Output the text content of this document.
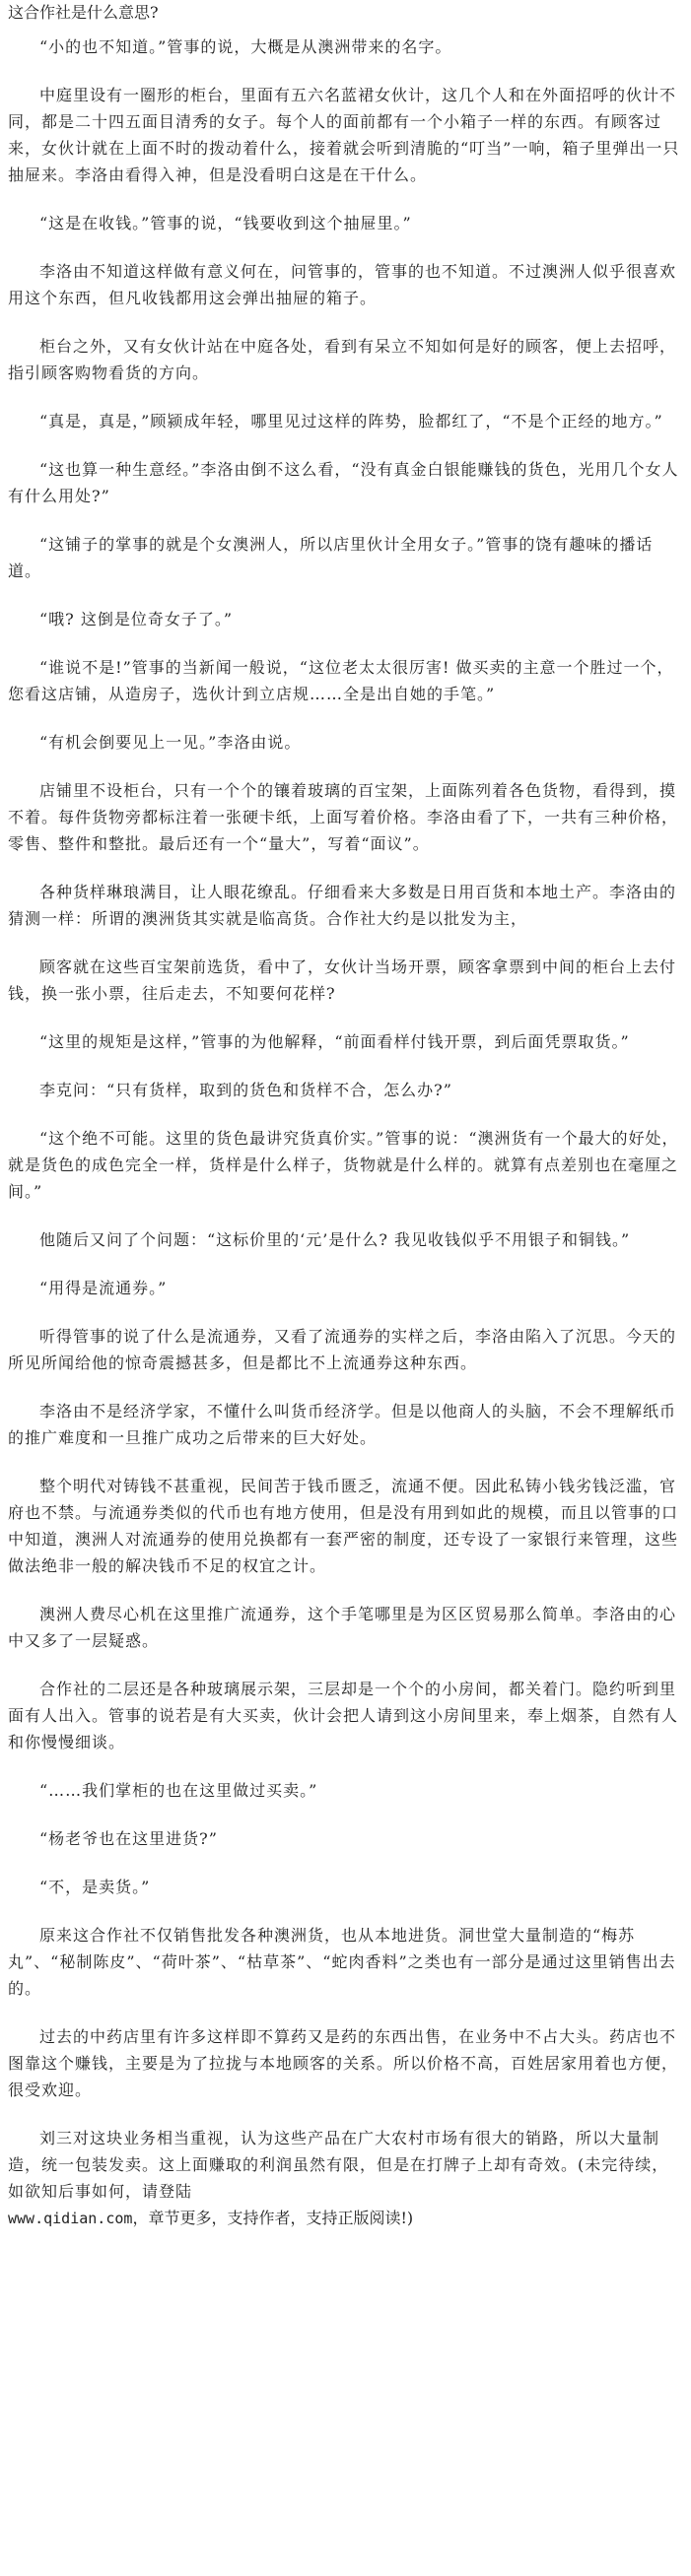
这合作社是什么意思?

“小的也不知道。”管事的说，大概是从澳洲带来的名字。

中庭里设有一圈形的柜台，里面有五六名蓝裙女伙计，这几个人和在外面招呼的伙计不同，都是二十四五面目清秀的女子。每个人的面前都有一个小箱子一样的东西。有顾客过来，女伙计就在上面不时的拨动着什么，接着就会听到清脆的“叮当”一响，箱子里弹出一只抽屉来。李洛由看得入神，但是没看明白这是在干什么。

“这是在收钱。”管事的说，“钱要收到这个抽屉里。”

李洛由不知道这样做有意义何在，问管事的，管事的也不知道。不过澳洲人似乎很喜欢用这个东西，但凡收钱都用这会弹出抽屉的箱子。

柜台之外，又有女伙计站在中庭各处，看到有呆立不知如何是好的顾客，便上去招呼，指引顾客购物看货的方向。

“真是，真是，”顾颍成年轻，哪里见过这样的阵势，脸都红了，“不是个正经的地方。”

“这也算一种生意经。”李洛由倒不这么看，“没有真金白银能赚钱的货色，光用几个女人有什么用处?”

“这铺子的掌事的就是个女澳洲人，所以店里伙计全用女子。”管事的饶有趣味的播话道。

“哦? 这倒是位奇女子了。”

“谁说不是!”管事的当新闻一般说，“这位老太太很厉害! 做买卖的主意一个胜过一个，您看这店铺，从造房子，选伙计到立店规……全是出自她的手笔。”

“有机会倒要见上一见。”李洛由说。

店铺里不设柜台，只有一个个的镶着玻璃的百宝架，上面陈列着各色货物，看得到，摸不着。每件货物旁都标注着一张硬卡纸，上面写着价格。李洛由看了下，一共有三种价格，零售、整件和整批。最后还有一个“量大”，写着“面议”。

各种货样琳琅满目，让人眼花缭乱。仔细看来大多数是日用百货和本地土产。李洛由的猜测一样：所谓的澳洲货其实就是临高货。合作社大约是以批发为主，

顾客就在这些百宝架前选货，看中了，女伙计当场开票，顾客拿票到中间的柜台上去付钱，换一张小票，往后走去，不知要何花样?

“这里的规矩是这样，”管事的为他解释，“前面看样付钱开票，到后面凭票取货。”

李克问：“只有货样，取到的货色和货样不合，怎么办?”

“这个绝不可能。这里的货色最讲究货真价实。”管事的说：“澳洲货有一个最大的好处，就是货色的成色完全一样，货样是什么样子，货物就是什么样的。就算有点差别也在毫厘之间。”

他随后又问了个问题：“这标价里的‘元’是什么? 我见收钱似乎不用银子和铜钱。”

“用得是流通券。”

听得管事的说了什么是流通券，又看了流通券的实样之后，李洛由陷入了沉思。今天的所见所闻给他的惊奇震撼甚多，但是都比不上流通券这种东西。

李洛由不是经济学家，不懂什么叫货币经济学。但是以他商人的头脑，不会不理解纸币的推广难度和一旦推广成功之后带来的巨大好处。

整个明代对铸钱不甚重视，民间苦于钱币匮乏，流通不便。因此私铸小钱劣钱泛滥，官府也不禁。与流通券类似的代币也有地方使用，但是没有用到如此的规模，而且以管事的口中知道，澳洲人对流通券的使用兑换都有一套严密的制度，还专设了一家银行来管理，这些做法绝非一般的解决钱币不足的权宜之计。

澳洲人费尽心机在这里推广流通券，这个手笔哪里是为区区贸易那么简单。李洛由的心中又多了一层疑惑。

合作社的二层还是各种玻璃展示架，三层却是一个个的小房间，都关着门。隐约听到里面有人出入。管事的说若是有大买卖，伙计会把人请到这小房间里来，奉上烟茶，自然有人和你慢慢细谈。

“……我们掌柜的也在这里做过买卖。”

“杨老爷也在这里进货?”

“不，是卖货。”

原来这合作社不仅销售批发各种澳洲货，也从本地进货。洞世堂大量制造的“梅苏丸”、“秘制陈皮”、“荷叶茶”、“枯草茶”、“蛇肉香料”之类也有一部分是通过这里销售出去的。

过去的中药店里有许多这样即不算药又是药的东西出售，在业务中不占大头。药店也不图靠这个赚钱，主要是为了拉拢与本地顾客的关系。所以价格不高，百姓居家用着也方便，很受欢迎。

刘三对这块业务相当重视，认为这些产品在广大农村市场有很大的销路，所以大量制造，统一包装发卖。这上面赚取的利润虽然有限，但是在打牌子上却有奇效。(未完待续，如欲知后事如何，请登陆

www.qidian.com，章节更多，支持作者，支持正版阅读!)
